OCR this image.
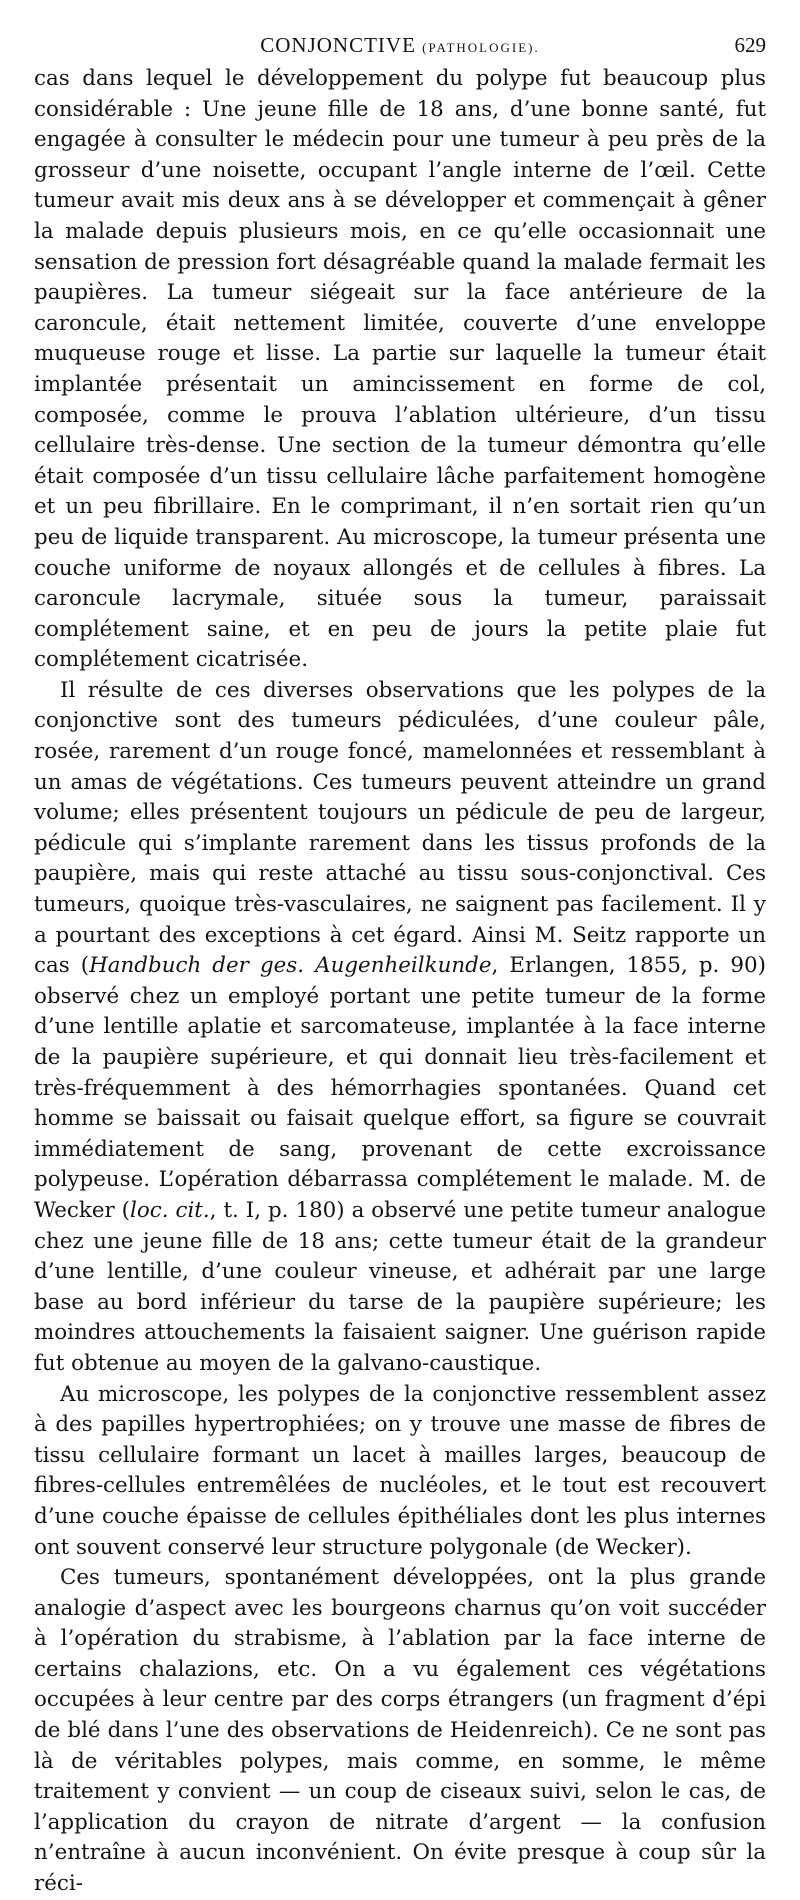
CONJONCTIVE (PATHOLOGIE).	629

cas dans lequel le développement du polype fut beaucoup plus considérable : Une jeune fille de 18 ans, d’une bonne santé, fut engagée à consulter le médecin pour une tumeur à peu près de la grosseur d’une noisette, occupant l’angle interne de l’œil. Cette tumeur avait mis deux ans à se développer et commençait à gêner la malade depuis plusieurs mois, en ce qu’elle occasionnait une sensation de pression fort désagréable quand la malade fermait les paupières. La tumeur siégeait sur la face antérieure de la caroncule, était nettement limitée, couverte d’une enveloppe muqueuse rouge et lisse. La partie sur laquelle la tumeur était implantée présentait un amincissement en forme de col, composée, comme le prouva l’ablation ultérieure, d’un tissu cellulaire très-dense. Une section de la tumeur démontra qu’elle était composée d’un tissu cellulaire lâche parfaitement homogène et un peu fibrillaire. En le comprimant, il n’en sortait rien qu’un peu de liquide transparent. Au microscope, la tumeur présenta une couche uniforme de noyaux allongés et de cellules à fibres. La caroncule lacrymale, située sous la tumeur, paraissait complétement saine, et en peu de jours la petite plaie fut complétement cicatrisée.

Il résulte de ces diverses observations que les polypes de la conjonctive sont des tumeurs pédiculées, d’une couleur pâle, rosée, rarement d’un rouge foncé, mamelonnées et ressemblant à un amas de végétations. Ces tumeurs peuvent atteindre un grand volume; elles présentent toujours un pédicule de peu de largeur, pédicule qui s’implante rarement dans les tissus profonds de la paupière, mais qui reste attaché au tissu sous-conjonctival. Ces tumeurs, quoique très-vasculaires, ne saignent pas facilement. Il y a pourtant des exceptions à cet égard. Ainsi M. Seitz rapporte un cas (Handbuch der ges. Augenheilkunde, Erlangen, 1855, p. 90) observé chez un employé portant une petite tumeur de la forme d’une lentille aplatie et sarcomateuse, implantée à la face interne de la paupière supérieure, et qui donnait lieu très-facilement et très-fréquemment à des hémorrhagies spontanées. Quand cet homme se baissait ou faisait quelque effort, sa figure se couvrait immédiatement de sang, provenant de cette excroissance polypeuse. L’opération débarrassa complétement le malade. M. de Wecker (loc. cit., t. I, p. 180) a observé une petite tumeur analogue chez une jeune fille de 18 ans; cette tumeur était de la grandeur d’une lentille, d’une couleur vineuse, et adhérait par une large base au bord inférieur du tarse de la paupière supérieure; les moindres attouchements la faisaient saigner. Une guérison rapide fut obtenue au moyen de la galvano-caustique.

Au microscope, les polypes de la conjonctive ressemblent assez à des papilles hypertrophiées; on y trouve une masse de fibres de tissu cellulaire formant un lacet à mailles larges, beaucoup de fibres-cellules entremêlées de nucléoles, et le tout est recouvert d’une couche épaisse de cellules épithéliales dont les plus internes ont souvent conservé leur structure polygonale (de Wecker).

Ces tumeurs, spontanément développées, ont la plus grande analogie d’aspect avec les bourgeons charnus qu’on voit succéder à l’opération du strabisme, à l’ablation par la face interne de certains chalazions, etc. On a vu également ces végétations occupées à leur centre par des corps étrangers (un fragment d’épi de blé dans l’une des observations de Heidenreich). Ce ne sont pas là de véritables polypes, mais comme, en somme, le même traitement y convient — un coup de ciseaux suivi, selon le cas, de l’application du crayon de nitrate d’argent — la confusion n’entraîne à aucun inconvénient. On évite presque à coup sûr la réci-
